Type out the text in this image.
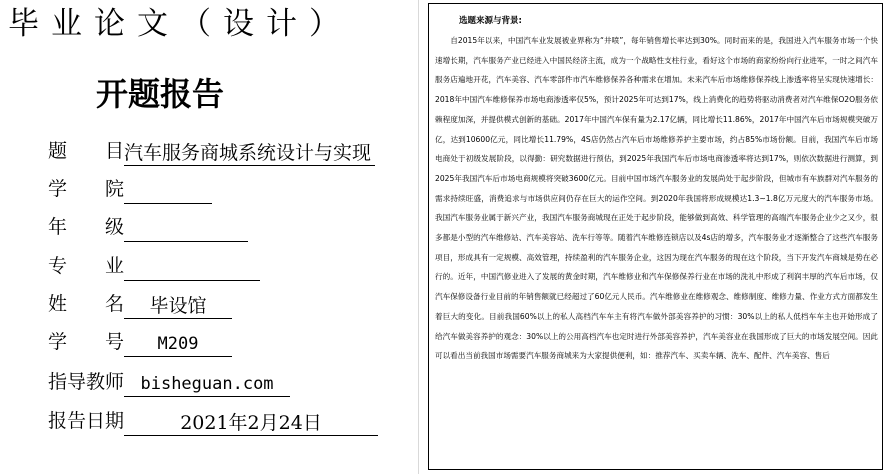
毕业论文（设计）
开题报告
题 目 汽车服务商城系统设计与实现
学 院
年 级
专 业
姓 名	毕设馆
学 号	M209
指导教师 bisheguan.com
报告日期	2021年2月24日
选题来源与背景:
自2015年以来，中国汽车业发展被业界称为“井喷”，每年销售增长率达到30%。同时而来的是，我国进入汽车服务市场一个快速增长期，汽车服务产业已经进入中国民经济主流，成为一个战略性支柱行业，看好这个市场的商家纷纷向行业进军，一时之间汽车服务店遍地开花，汽车美容、汽车零部件市汽车维修保养各种需求在增加。未来汽车后市场维修保养线上渗透率将呈实现快速增长：2018年中国汽车维修保养市场电商渗透率仅5%，预计2025年可达到17%，线上消费化的趋势将驱动消费者对汽车维保O2O服务依赖程度加深，并提供模式创新的基础。2017年中国汽车保有量为2.17亿辆，同比增长11.86%，2017年中国汽车后市场规模突破万亿，达到10600亿元，同比增长11.79%，4S店仍然占汽车后市场维修养护主要市场，约占85%市场份额。目前，我国汽车后市场电商处于初级发展阶段，以得勤：研究数据进行预估，到2025年我国汽车后市场电商渗透率将达到17%，则依次数据进行测算，到2025年我国汽车后市场电商规模将突破3600亿元。目前中国市场汽车服务业的发展尚处于起步阶段，但城市有车族群对汽车服务的需求持续旺盛，消费追求与市场供应间仍存在巨大的运作空间。到2020年我国将形成规模达1.3~1.8亿万元度大的汽车服务市场。我国汽车服务业属于新兴产业，我国汽车服务商城现在正处于起步阶段，能够做到高效、科学管理的高端汽车服务企业少之又少，很多都是小型的汽车维修站、汽车美容站、洗车行等等。随着汽车维修连锁店以及4s店的增多，汽车服务业才逐渐整合了这些汽车服务项目，形成具有一定规模、高效管理，持续盈利的汽车服务企业，这因为现在汽车服务的现在这个阶段，当下开发汽车商城是势在必行的。近年，中国汽修业进入了发展的黄金时期，汽车维修业和汽车保修保养行业在市场的洗礼中形成了利润丰厚的汽车后市场，仅汽车保修设备行业目前的年销售额就已经超过了60亿元人民币。汽车维修业在维修观念、维修制度、维修力量、作业方式方面都发生着巨大的变化。目前我国60%以上的私人高档汽车车主有将汽车做外部美容养护的习惯：30%以上的私人低档车车主也开始形成了给汽车做美容养护的观念：30%以上的公用高档汽车也定时进行外部美容养护，汽车美容业在我国形成了巨大的市场发展空间。因此可以看出当前我国市场需要汽车服务商城来为大家提供便利，如：推荐汽车、买卖车辆、洗车、配件、汽车美容、售后
